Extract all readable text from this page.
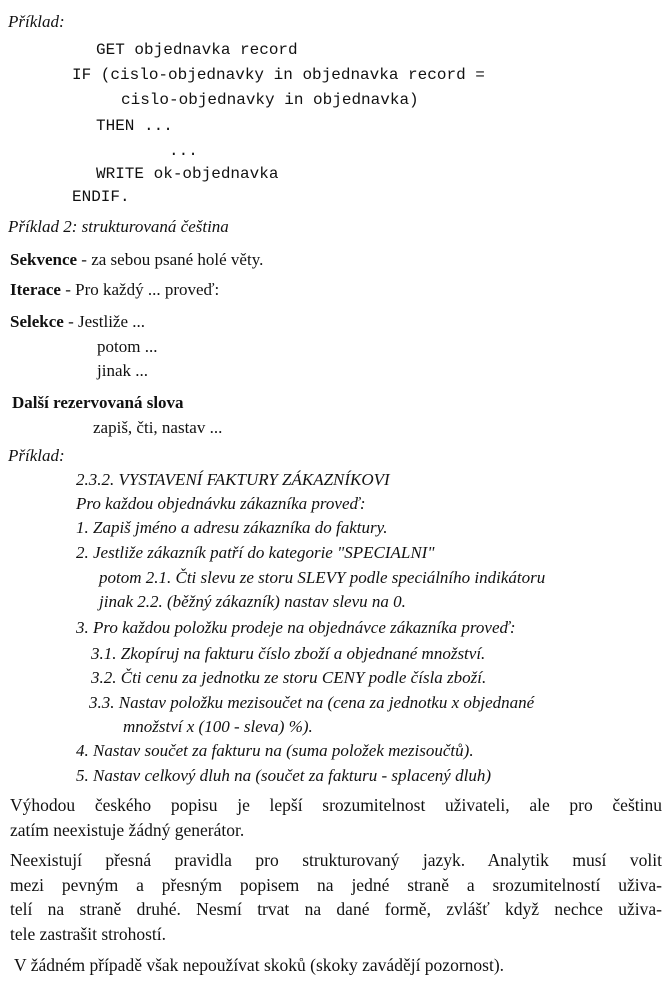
Příklad:
GET objednavka record
IF (cislo-objednavky in objednavka record =
cislo-objednavky in objednavka)
THEN ...
...
WRITE ok-objednavka
ENDIF.
Příklad 2: strukturovaná čeština
Sekvence - za sebou psané holé věty.
Iterace - Pro každý ... proveď:
Selekce - Jestliže ...
potom ...
jinak ...
Další rezervovaná slova
zapiš, čti, nastav ...
Příklad:
2.3.2. VYSTAVENÍ FAKTURY ZÁKAZNÍKOVI
Pro každou objednávku zákazníka proveď:
1. Zapiš jméno a adresu zákazníka do faktury.
2. Jestliže zákazník patří do kategorie "SPECIALNI"
potom 2.1. Čti slevu ze storu SLEVY podle speciálního indikátoru
jinak 2.2. (běžný zákazník) nastav slevu na 0.
3. Pro každou položku prodeje na objednávce zákazníka proveď:
3.1. Zkopíruj na fakturu číslo zboží a objednané množství.
3.2. Čti cenu za jednotku ze storu CENY podle čísla zboží.
3.3. Nastav položku mezisoučet na (cena za jednotku x objednané
množství x (100 - sleva) %).
4. Nastav součet za fakturu na (suma položek mezisoučtů).
5. Nastav celkový dluh na (součet za fakturu - splacený dluh)
Výhodou českého popisu je lepší srozumitelnost uživateli, ale pro češtinu
zatím neexistuje žádný generátor.
Neexistují přesná pravidla pro strukturovaný jazyk. Analytik musí volit
mezi pevným a přesným popisem na jedné straně a srozumitelností uživa-
telí na straně druhé. Nesmí trvat na dané formě, zvlášť když nechce uživa-
tele zastrašit strohostí.
V žádném případě však nepoužívat skoků (skoky zavádějí pozornost).
